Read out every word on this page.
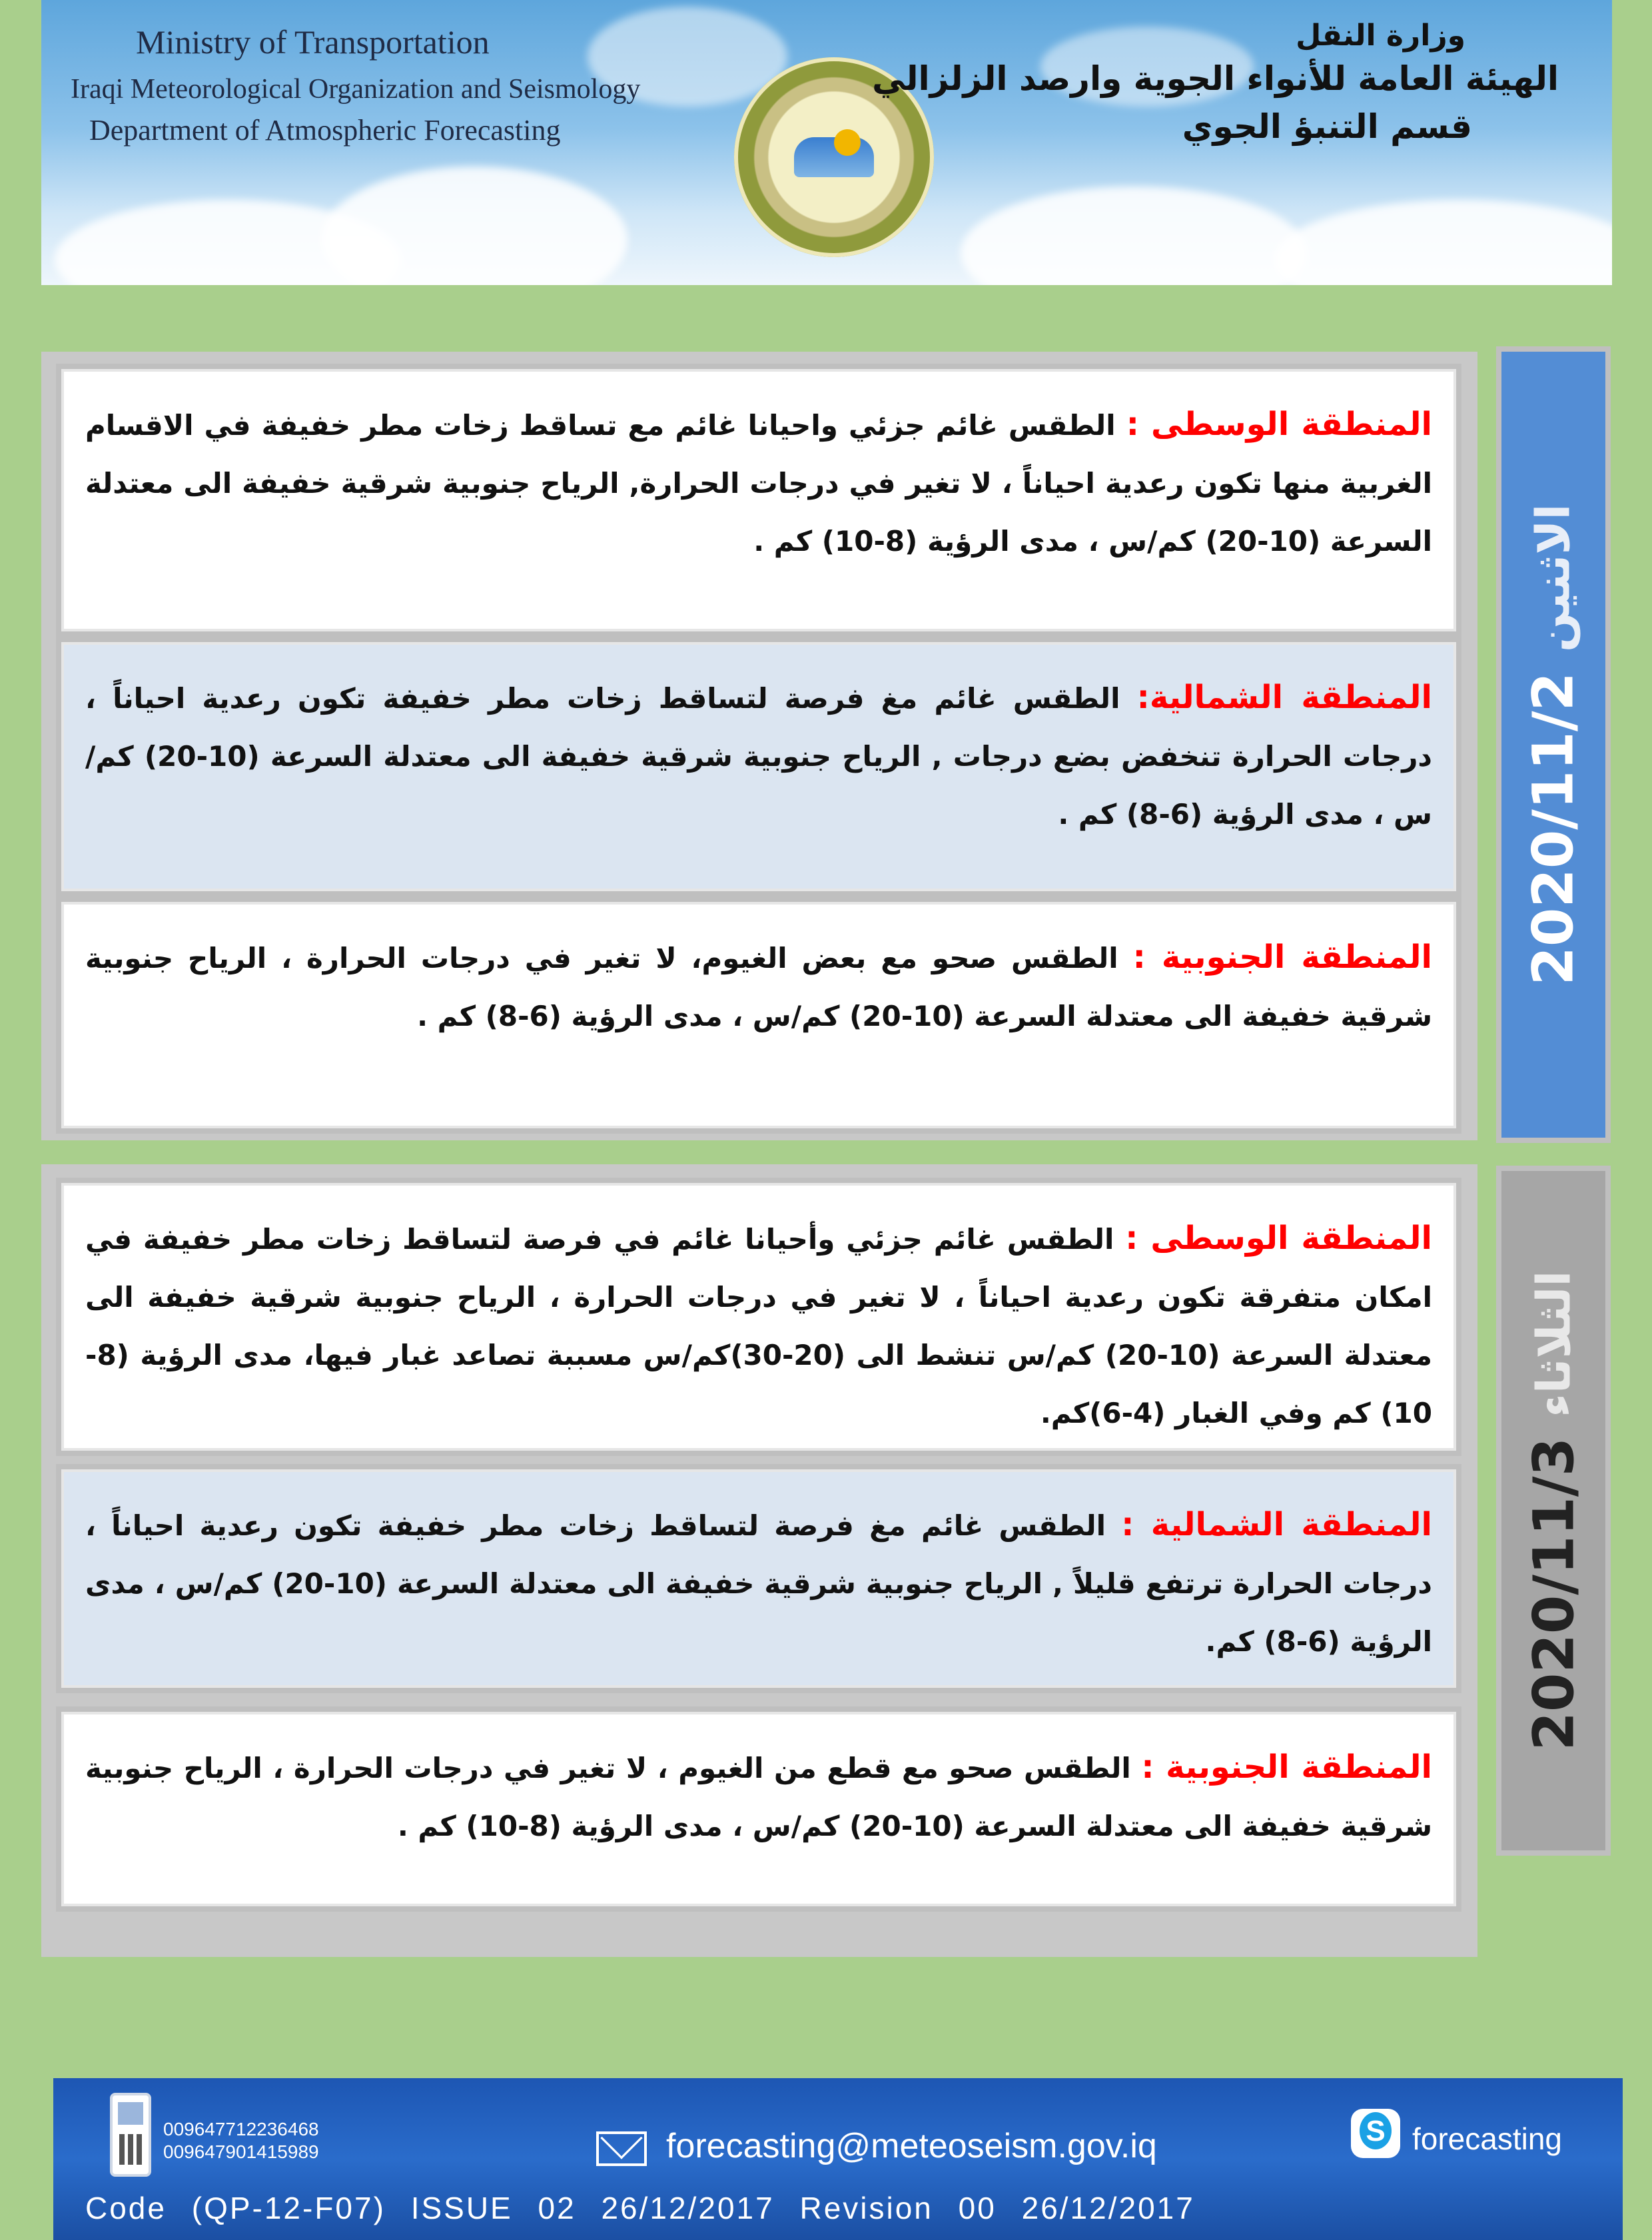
Ministry of Transportation
Iraqi Meteorological Organization and Seismology
Department of Atmospheric Forecasting
وزارة النقل
الهيئة العامة للأنواء الجوية وارصد الزلزالي
قسم التنبؤ الجوي
المنطقة الوسطى : الطقس غائم جزئي واحيانا غائم مع تساقط زخات مطر خفيفة في الاقسام الغربية منها تكون رعدية احياناً ، لا تغير في درجات الحرارة, الرياح جنوبية شرقية خفيفة الى معتدلة السرعة (10-20) كم/س ، مدى الرؤية (8-10) كم .
المنطقة الشمالية: الطقس غائم مغ فرصة لتساقط زخات مطر خفيفة تكون رعدية احياناً ، درجات الحرارة تنخفض بضع درجات , الرياح جنوبية شرقية خفيفة الى معتدلة السرعة (10-20) كم/س ، مدى الرؤية (6-8) كم .
المنطقة الجنوبية : الطقس صحو مع بعض الغيوم، لا تغير في درجات الحرارة ، الرياح جنوبية شرقية خفيفة الى معتدلة السرعة (10-20) كم/س ، مدى الرؤية (6-8) كم .
2020/11/2
الاثنين
المنطقة الوسطى : الطقس غائم جزئي وأحيانا غائم في فرصة لتساقط زخات مطر خفيفة في امكان متفرقة تكون رعدية احياناً ، لا تغير في درجات الحرارة ، الرياح جنوبية شرقية خفيفة الى معتدلة السرعة (10-20) كم/س تنشط الى (20-30)كم/س مسببة تصاعد غبار فيها، مدى الرؤية (8-10) كم وفي الغبار (4-6)كم.
المنطقة الشمالية : الطقس غائم مغ فرصة لتساقط زخات مطر خفيفة تكون رعدية احياناً ، درجات الحرارة ترتفع قليلاً , الرياح جنوبية شرقية خفيفة الى معتدلة السرعة (10-20) كم/س ، مدى الرؤية (6-8) كم.
المنطقة الجنوبية : الطقس صحو مع قطع من الغيوم ، لا تغير في درجات الحرارة ، الرياح جنوبية شرقية خفيفة الى معتدلة السرعة (10-20) كم/س ، مدى الرؤية (8-10) كم .
2020/11/3
الثلاثاء
009647712236468
009647901415989	forecasting@meteoseism.gov.iq
S	forecasting
Code (QP-12-F07) ISSUE 02 26/12/2017 Revision 00 26/12/2017
